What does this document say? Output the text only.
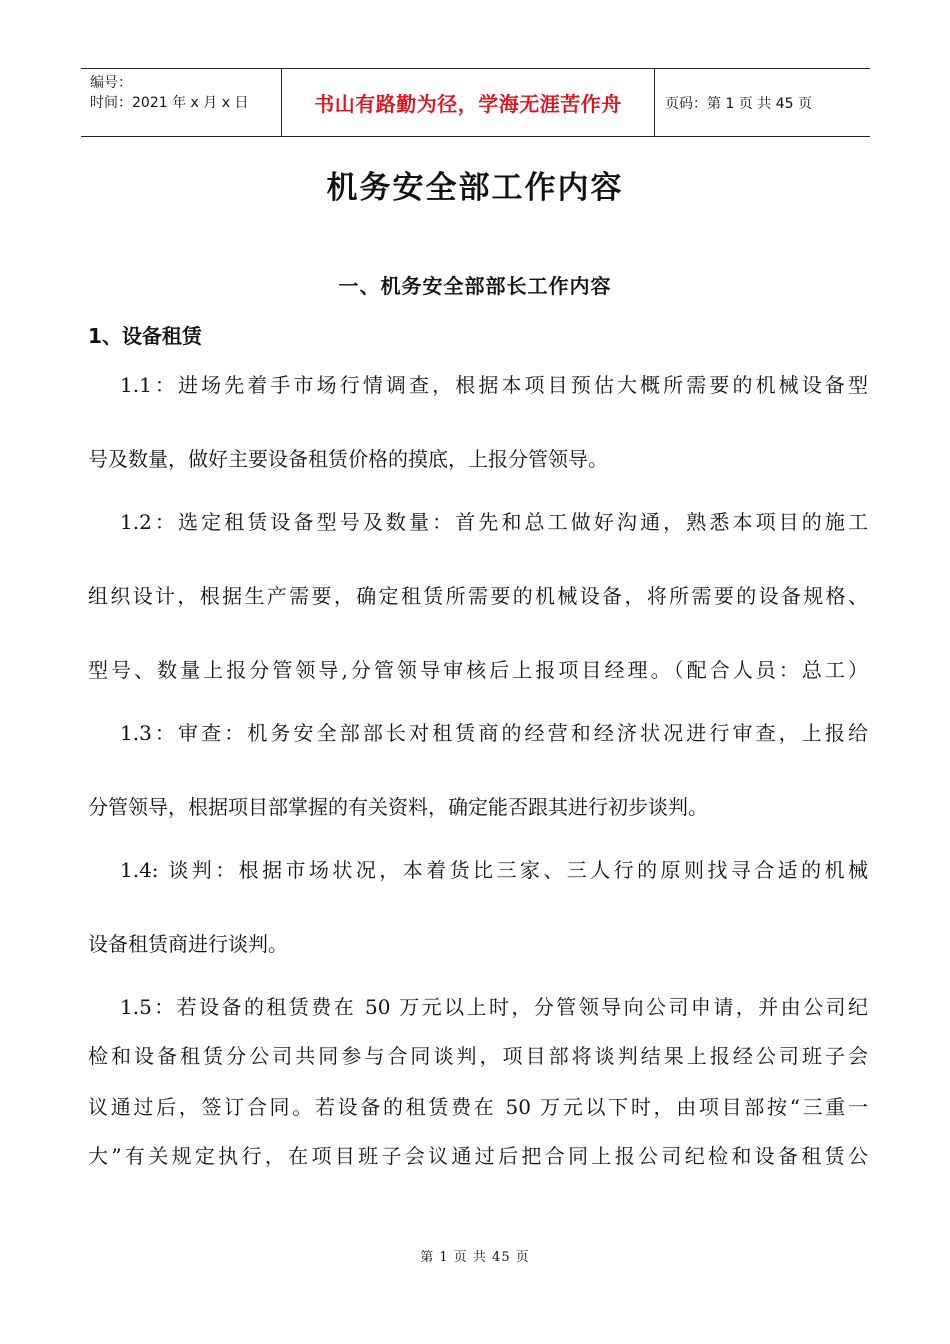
编号：
时间：2021 年 x 月 x 日	书山有路勤为径，学海无涯苦作舟	页码：第 1 页 共 45 页
机务安全部工作内容
一、机务安全部部长工作内容
1、设备租赁
1.1：进场先着手市场行情调查，根据本项目预估大概所需要的机械设备型
号及数量，做好主要设备租赁价格的摸底，上报分管领导。
1.2：选定租赁设备型号及数量：首先和总工做好沟通，熟悉本项目的施工
组织设计，根据生产需要，确定租赁所需要的机械设备，将所需要的设备规格、
型号、数量上报分管领导,分管领导审核后上报项目经理。（配合人员：总工）
1.3：审查：机务安全部部长对租赁商的经营和经济状况进行审查，上报给
分管领导，根据项目部掌握的有关资料，确定能否跟其进行初步谈判。
1.4: 谈判：根据市场状况，本着货比三家、三人行的原则找寻合适的机械
设备租赁商进行谈判。
1.5：若设备的租赁费在 50 万元以上时，分管领导向公司申请，并由公司纪
检和设备租赁分公司共同参与合同谈判，项目部将谈判结果上报经公司班子会
议通过后，签订合同。若设备的租赁费在 50 万元以下时，由项目部按“三重一
大”有关规定执行，在项目班子会议通过后把合同上报公司纪检和设备租赁公
第 1 页 共 45 页
